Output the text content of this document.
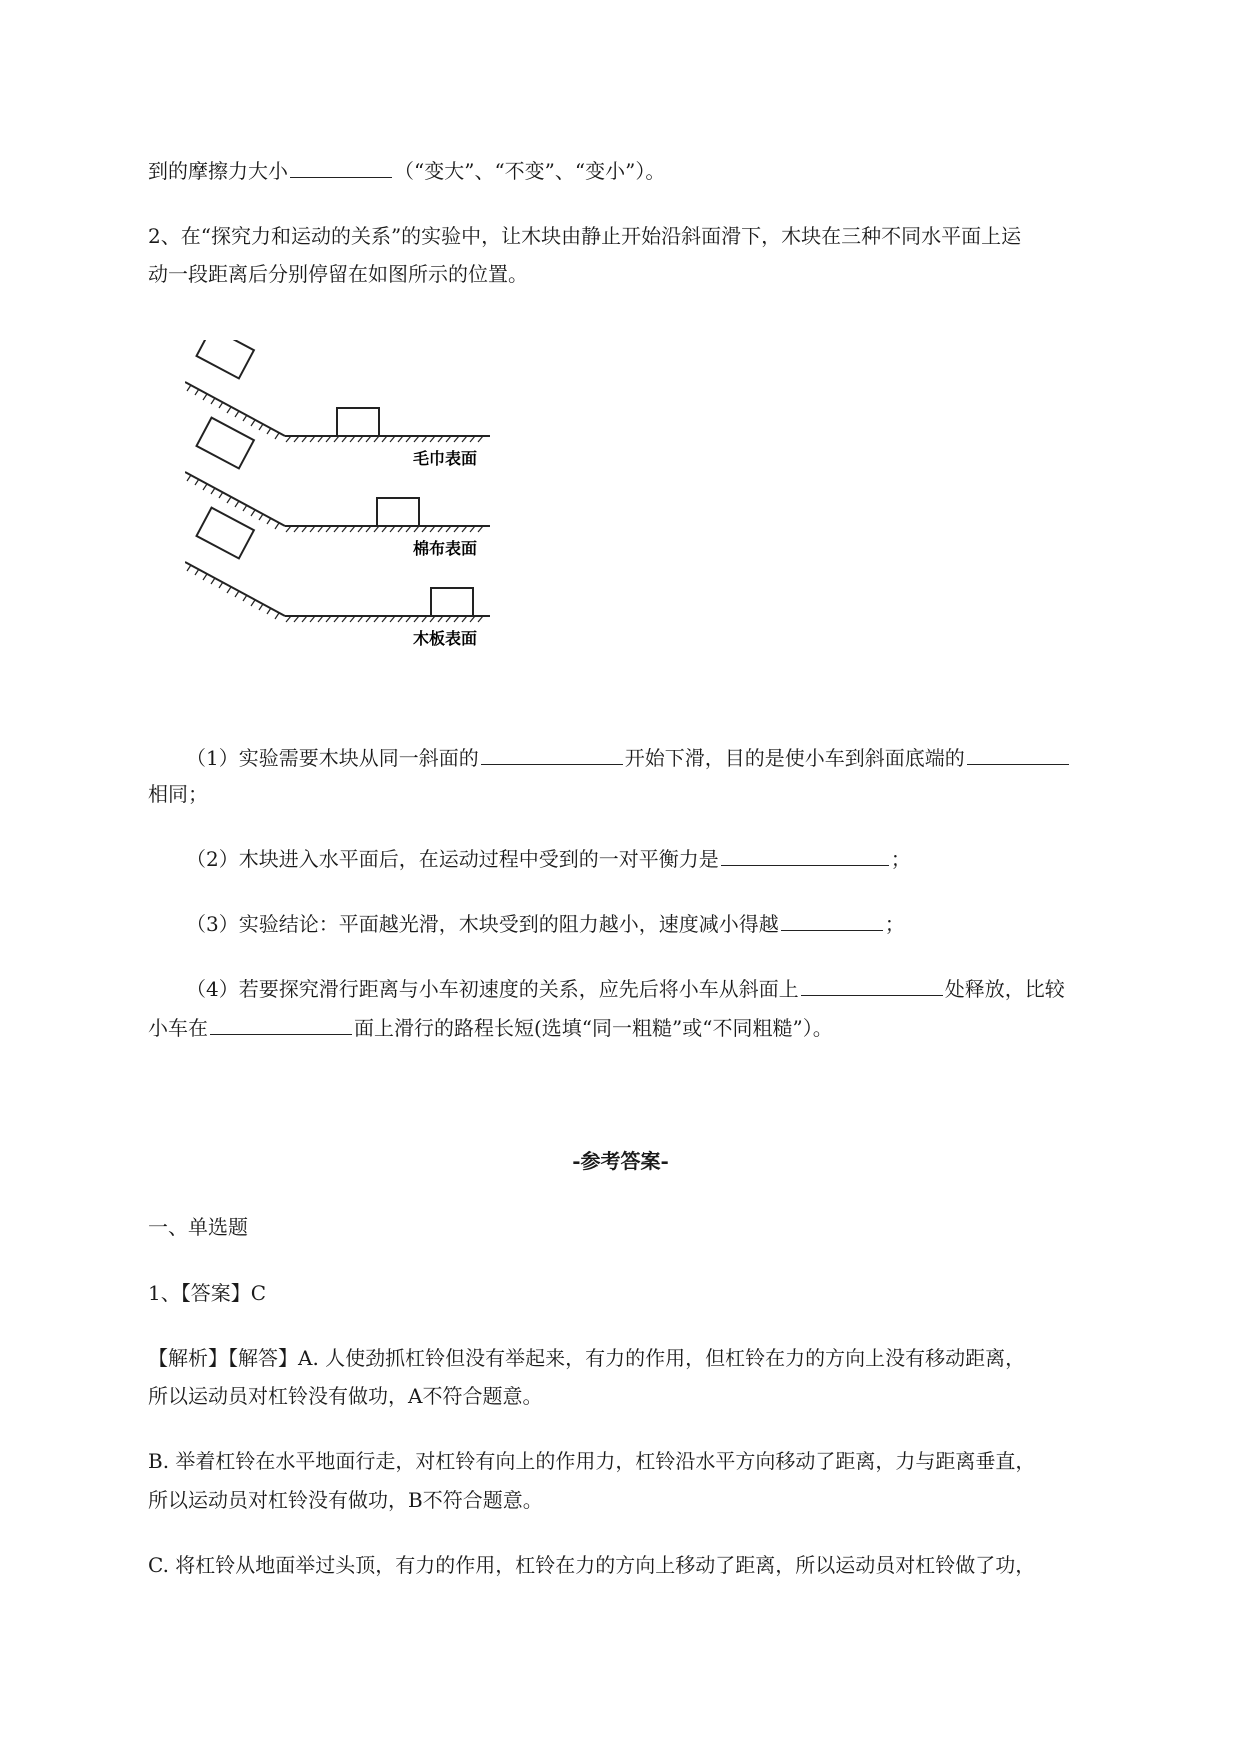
到的摩擦力大小	（“变大”、“不变”、“变小”）。

2、在“探究力和运动的关系”的实验中，让木块由静止开始沿斜面滑下，木块在三种不同水平面上运

动一段距离后分别停留在如图所示的位置。

毛巾表面
棉布表面
木板表面

（1）实验需要木块从同一斜面的	开始下滑，目的是使小车到斜面底端的

相同；

（2）木块进入水平面后，在运动过程中受到的一对平衡力是	；

（3）实验结论：平面越光滑，木块受到的阻力越小，速度减小得越	；

（4）若要探究滑行距离与小车初速度的关系，应先后将小车从斜面上	处释放，比较

小车在	面上滑行的路程长短(选填“同一粗糙”或“不同粗糙”）。

-参考答案-

一、单选题

1、【答案】C

【解析】【解答】A. 人使劲抓杠铃但没有举起来，有力的作用，但杠铃在力的方向上没有移动距离，

所以运动员对杠铃没有做功，A不符合题意。

B. 举着杠铃在水平地面行走，对杠铃有向上的作用力，杠铃沿水平方向移动了距离，力与距离垂直，

所以运动员对杠铃没有做功，B不符合题意。

C. 将杠铃从地面举过头顶，有力的作用，杠铃在力的方向上移动了距离，所以运动员对杠铃做了功，
